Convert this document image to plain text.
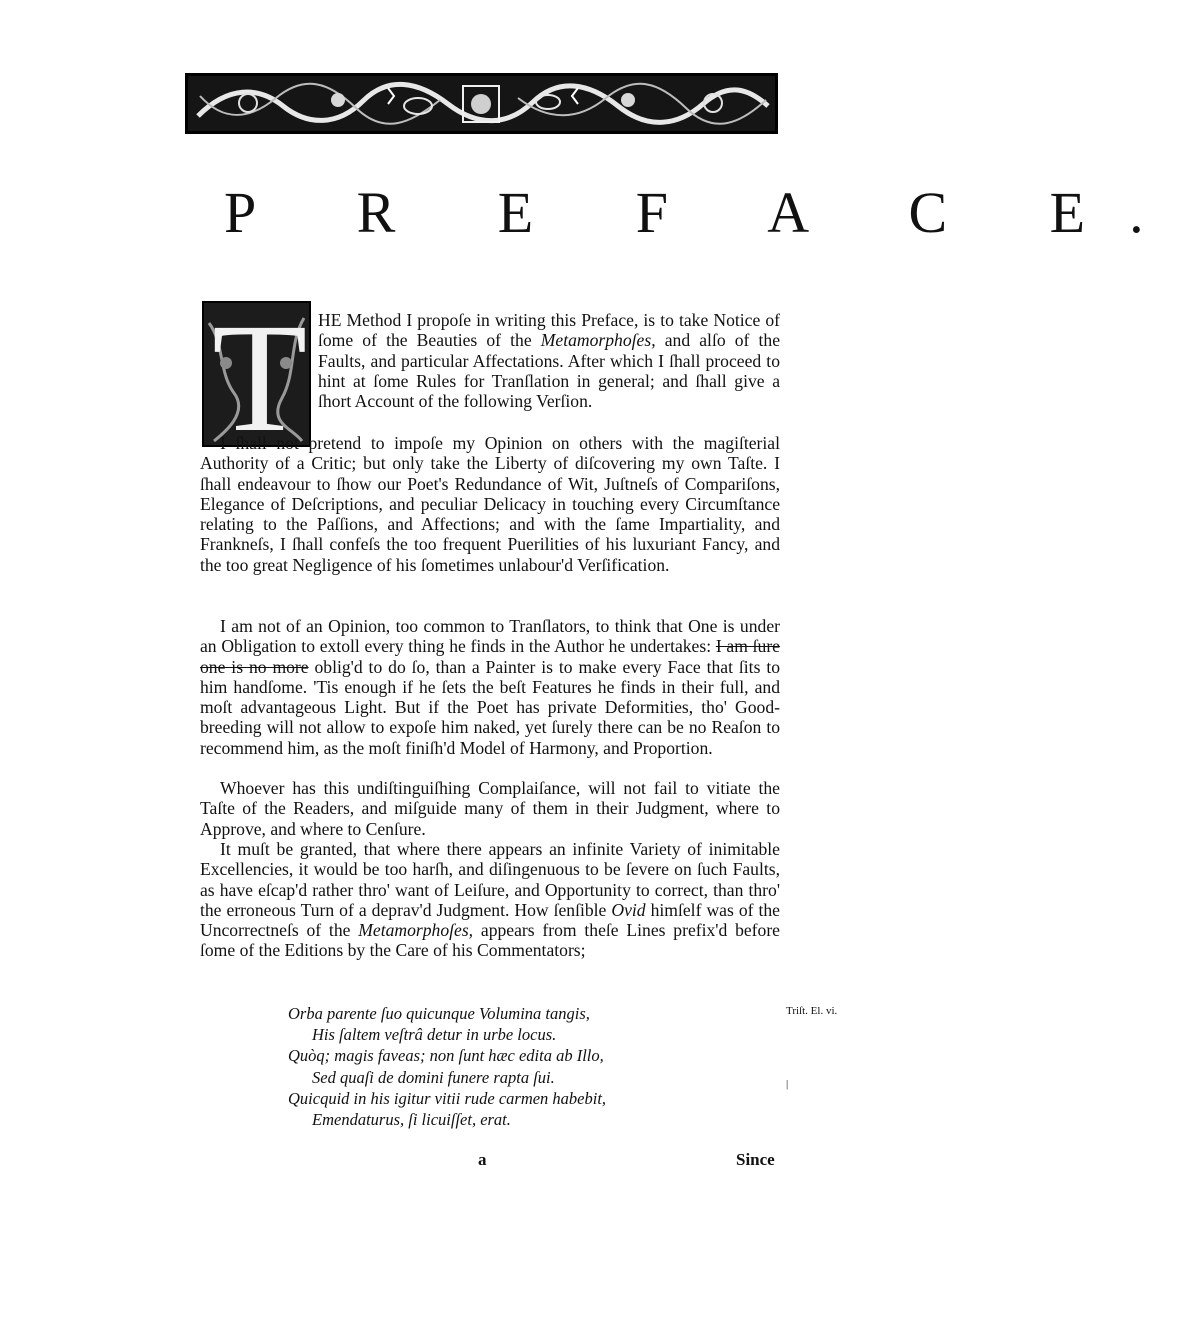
P R E F A C E.
T HE Method I propoſe in writing this Preface, is to take Notice of ſome of the Beauties of the Metamorphoſes, and alſo of the Faults, and particular Affectations. After which I ſhall proceed to hint at ſome Rules for Tranſlation in general; and ſhall give a ſhort Account of the following Verſion.

I ſhall not pretend to impoſe my Opinion on others with the magiſterial Authority of a Critic; but only take the Liberty of diſcovering my own Taſte. I ſhall endeavour to ſhow our Poet's Redundance of Wit, Juſtneſs of Compariſons, Elegance of Deſcriptions, and peculiar Delicacy in touching every Circumſtance relating to the Paſſions, and Affections; and with the ſame Impartiality, and Frankneſs, I ſhall confeſs the too frequent Puerilities of his luxuriant Fancy, and the too great Negligence of his ſometimes unlabour'd Verſification.

I am not of an Opinion, too common to Tranſlators, to think that One is under an Obligation to extoll every thing he finds in the Author he undertakes: I am ſure one is no more oblig'd to do ſo, than a Painter is to make every Face that ſits to him handſome. 'Tis enough if he ſets the beſt Features he finds in their full, and moſt advantageous Light. But if the Poet has private Deformities, tho' Good-breeding will not allow to expoſe him naked, yet ſurely there can be no Reaſon to recommend him, as the moſt finiſh'd Model of Harmony, and Proportion.

Whoever has this undiſtinguiſhing Complaiſance, will not fail to vitiate the Taſte of the Readers, and miſguide many of them in their Judgment, where to Approve, and where to Cenſure.

It muſt be granted, that where there appears an infinite Variety of inimitable Excellencies, it would be too harſh, and diſingenuous to be ſevere on ſuch Faults, as have eſcap'd rather thro' want of Leiſure, and Opportunity to correct, than thro' the erroneous Turn of a deprav'd Judgment. How ſenſible Ovid himſelf was of the Uncorrectneſs of the Metamorphoſes, appears from theſe Lines prefix'd before ſome of the Editions by the Care of his Commentators;

Orba parente ſuo quicunque Volumina tangis,
His ſaltem veſtrâ detur in urbe locus.
Quòq; magis faveas; non ſunt hæc edita ab Illo,
Sed quaſi de domini funere rapta ſui.
Quicquid in his igitur vitii rude carmen habebit,
Emendaturus, ſi licuiſſet, erat.
Triſt. El. vi.
|
a	Since
